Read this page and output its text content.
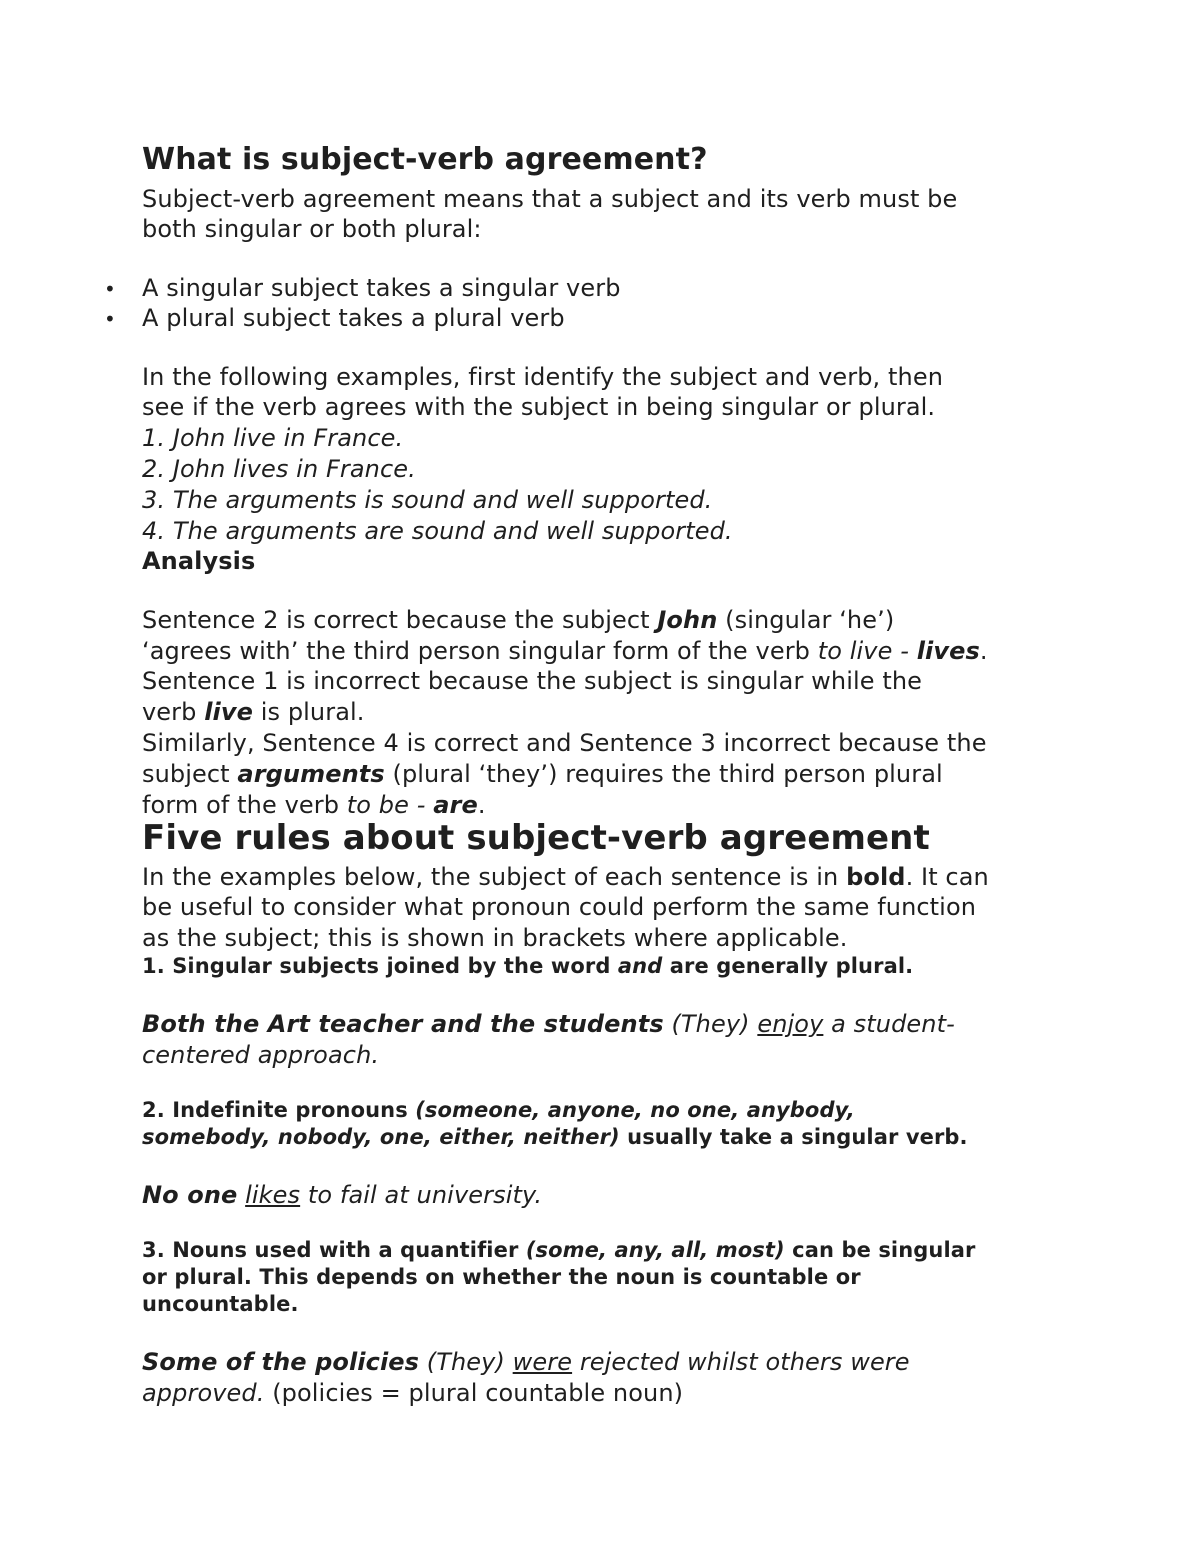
What is subject-verb agreement?
Subject-verb agreement means that a subject and its verb must be
both singular or both plural:
• A singular subject takes a singular verb
• A plural subject takes a plural verb
In the following examples, first identify the subject and verb, then
see if the verb agrees with the subject in being singular or plural.
1. John live in France.
2. John lives in France.
3. The arguments is sound and well supported.
4. The arguments are sound and well supported.
Analysis
Sentence 2 is correct because the subject John (singular ‘he’)
‘agrees with’ the third person singular form of the verb to live - lives.
Sentence 1 is incorrect because the subject is singular while the
verb live is plural.
Similarly, Sentence 4 is correct and Sentence 3 incorrect because the
subject arguments (plural ‘they’) requires the third person plural
form of the verb to be - are.
Five rules about subject-verb agreement
In the examples below, the subject of each sentence is in bold. It can
be useful to consider what pronoun could perform the same function
as the subject; this is shown in brackets where applicable.
1. Singular subjects joined by the word and are generally plural.
Both the Art teacher and the students (They) enjoy a student-
centered approach.
2. Indefinite pronouns (someone, anyone, no one, anybody,
somebody, nobody, one, either, neither) usually take a singular verb.
No one likes to fail at university.
3. Nouns used with a quantifier (some, any, all, most) can be singular
or plural. This depends on whether the noun is countable or
uncountable.
Some of the policies (They) were rejected whilst others were
approved. (policies = plural countable noun)
